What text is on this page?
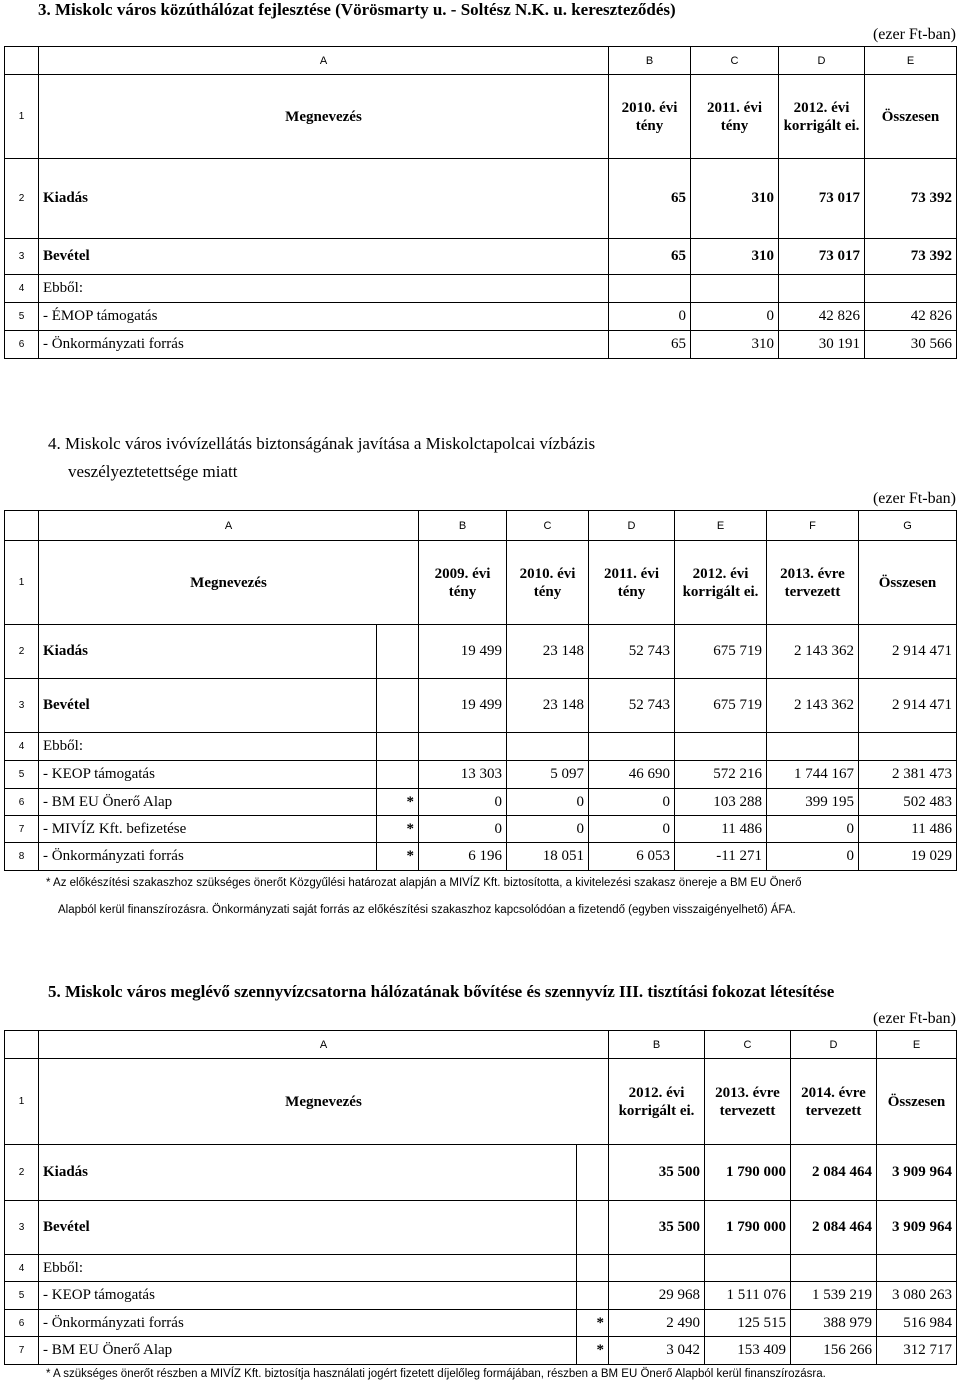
3. Miskolc város közúthálózat fejlesztése (Vörösmarty u. - Soltész N.K. u. kereszteződés)
(ezer Ft-ban)
	A	B	C	D	E
1	Megnevezés	2010. évi tény	2011. évi tény	2012. évi korrigált ei.	Összesen
2	Kiadás	65	310	73 017	73 392
3	Bevétel	65	310	73 017	73 392
4	Ebből:				
5	- ÉMOP támogatás	0	0	42 826	42 826
6	- Önkormányzati forrás	65	310	30 191	30 566
4. Miskolc város ivóvízellátás biztonságának javítása a Miskolctapolcai vízbázis
veszélyeztetettsége miatt
(ezer Ft-ban)
	A		B	C	D	E	F	G
1	Megnevezés		2009. évi tény	2010. évi tény	2011. évi tény	2012. évi korrigált ei.	2013. évre tervezett	Összesen
2	Kiadás		19 499	23 148	52 743	675 719	2 143 362	2 914 471
3	Bevétel		19 499	23 148	52 743	675 719	2 143 362	2 914 471
4	Ebből:							
5	- KEOP támogatás		13 303	5 097	46 690	572 216	1 744 167	2 381 473
6	- BM EU Önerő Alap	*	0	0	0	103 288	399 195	502 483
7	- MIVÍZ Kft. befizetése	*	0	0	0	11 486	0	11 486
8	- Önkormányzati forrás	*	6 196	18 051	6 053	-11 271	0	19 029
* Az előkészítési szakaszhoz szükséges önerőt Közgyűlési határozat alapján a MIVÍZ Kft. biztosította, a kivitelezési szakasz önereje a BM EU Önerő
Alapból kerül finanszírozásra. Önkormányzati saját forrás az előkészítési szakaszhoz kapcsolódóan a fizetendő (egyben visszaigényelhető) ÁFA.
5. Miskolc város meglévő szennyvízcsatorna hálózatának bővítése és szennyvíz III. tisztítási fokozat létesítése
(ezer Ft-ban)
	A		B	C	D	E
1	Megnevezés		2012. évi korrigált ei.	2013. évre tervezett	2014. évre tervezett	Összesen
2	Kiadás		35 500	1 790 000	2 084 464	3 909 964
3	Bevétel		35 500	1 790 000	2 084 464	3 909 964
4	Ebből:					
5	- KEOP támogatás		29 968	1 511 076	1 539 219	3 080 263
6	- Önkormányzati forrás	*	2 490	125 515	388 979	516 984
7	- BM EU Önerő Alap	*	3 042	153 409	156 266	312 717
* A szükséges önerőt részben a MIVÍZ Kft. biztosítja használati jogért fizetett díjelőleg formájában, részben a BM EU Önerő Alapból kerül finanszírozásra.
